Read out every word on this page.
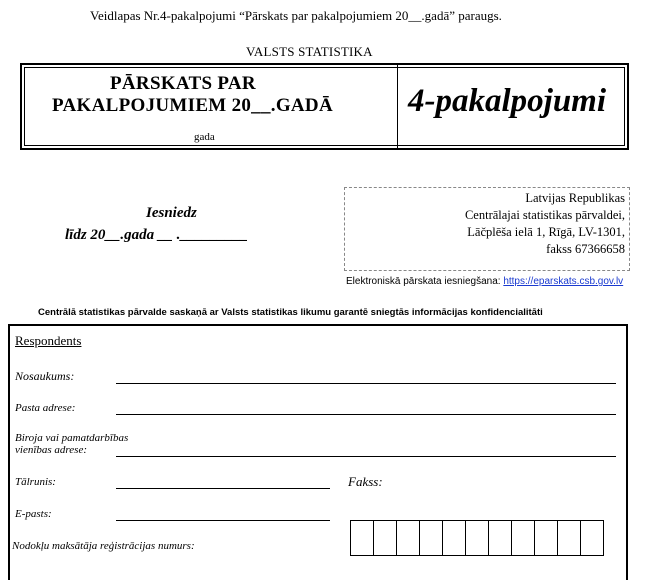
Veidlapas Nr.4-pakalpojumi “Pārskats par pakalpojumiem 20__.gadā” paraugs.
VALSTS STATISTIKA
PĀRSKATS PAR
PAKALPOJUMIEM 20__.GADĀ
gada
4-pakalpojumi
Iesniedz
līdz 20__.gada __ ._________
Latvijas Republikas
Centrālajai statistikas pārvaldei,
Lāčplēša ielā 1, Rīgā, LV-1301,
fakss 67366658
Elektroniskā pārskata iesniegšana: https://eparskats.csb.gov.lv
Centrālā statistikas pārvalde saskaņā ar Valsts statistikas likumu garantē sniegtās informācijas konfidencialitāti
Respondents
Nosaukums:
Pasta adrese:
Biroja vai pamatdarbības
vienības adrese:
Tālrunis:	Fakss:
E-pasts:
Nodokļu maksātāja reģistrācijas numurs:
